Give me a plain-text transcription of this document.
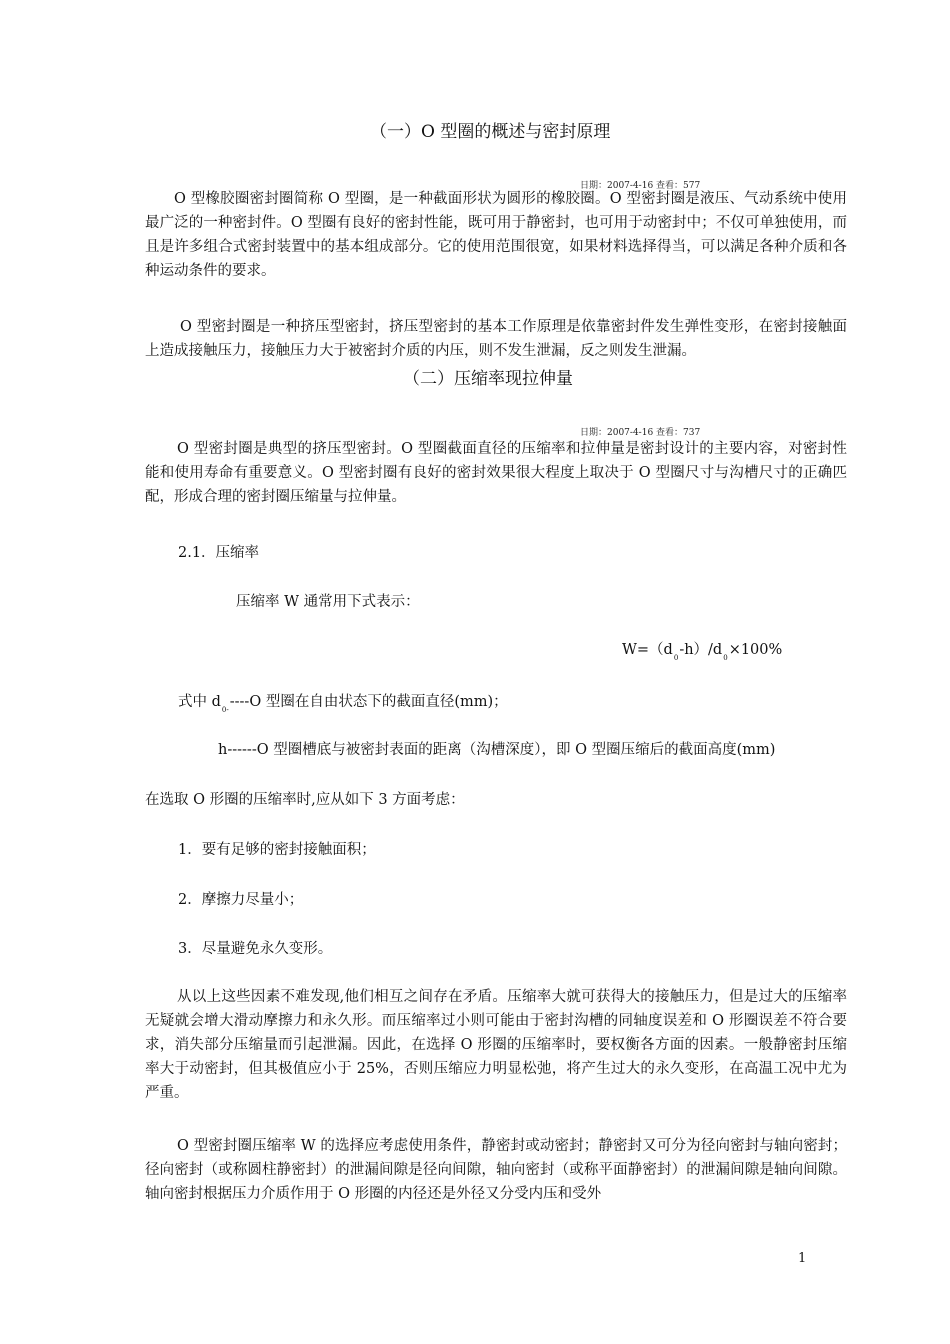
（一）O 型圈的概述与密封原理
日期：2007-4-16 查看：577
O 型橡胶圈密封圈简称 O 型圈，是一种截面形状为圆形的橡胶圈。O 型密封圈是液压、气动系统中使用最广泛的一种密封件。O 型圈有良好的密封性能，既可用于静密封，也可用于动密封中；不仅可单独使用，而且是许多组合式密封装置中的基本组成部分。它的使用范围很宽，如果材料选择得当，可以满足各种介质和各种运动条件的要求。
O 型密封圈是一种挤压型密封，挤压型密封的基本工作原理是依靠密封件发生弹性变形，在密封接触面上造成接触压力，接触压力大于被密封介质的内压，则不发生泄漏，反之则发生泄漏。
（二）压缩率现拉伸量
日期：2007-4-16 查看：737
O 型密封圈是典型的挤压型密封。O 型圈截面直径的压缩率和拉伸量是密封设计的主要内容，对密封性能和使用寿命有重要意义。O 型密封圈有良好的密封效果很大程度上取决于 O 型圈尺寸与沟槽尺寸的正确匹配，形成合理的密封圈压缩量与拉伸量。
2.1．压缩率
压缩率 W 通常用下式表示：
$W=(d_0-h)/d_0\times 100\%$
式中 $d_{0-}----O$ 型圈在自由状态下的截面直径(mm)；
h------O 型圈槽底与被密封表面的距离（沟槽深度），即 O 型圈压缩后的截面高度(mm)
在选取 O 形圈的压缩率时,应从如下 3 方面考虑：
1．要有足够的密封接触面积；
2．摩擦力尽量小；
3．尽量避免永久变形。
从以上这些因素不难发现,他们相互之间存在矛盾。压缩率大就可获得大的接触压力，但是过大的压缩率无疑就会增大滑动摩擦力和永久形。而压缩率过小则可能由于密封沟槽的同轴度误差和 O 形圈误差不符合要求，消失部分压缩量而引起泄漏。因此，在选择 O 形圈的压缩率时，要权衡各方面的因素。一般静密封压缩率大于动密封，但其极值应小于 25%，否则压缩应力明显松弛，将产生过大的永久变形，在高温工况中尤为严重。
O 型密封圈压缩率 W 的选择应考虑使用条件，静密封或动密封；静密封又可分为径向密封与轴向密封；径向密封（或称圆柱静密封）的泄漏间隙是径向间隙，轴向密封（或称平面静密封）的泄漏间隙是轴向间隙。轴向密封根据压力介质作用于 O 形圈的内径还是外径又分受内压和受外
1
